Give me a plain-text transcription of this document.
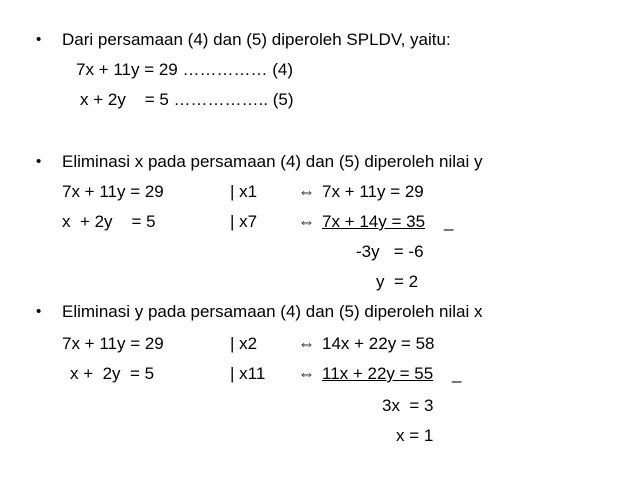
• Dari persamaan (4) dan (5) diperoleh SPLDV, yaitu:
7x + 11y = 29 …………… (4)
x + 2y    = 5 …………….. (5)
• Eliminasi x pada persamaan (4) dan (5) diperoleh nilai y
7x + 11y = 29	| x1 ⇔ 7x + 11y = 29
x  + 2y    = 5	| x7 ⇔ 7x + 14y = 35 _
-3y   = -6
y  = 2
• Eliminasi y pada persamaan (4) dan (5) diperoleh nilai x
7x + 11y = 29	| x2 ⇔ 14x + 22y = 58
x +  2y  = 5	| x11 ⇔ 11x + 22y = 55 _
3x  = 3
x = 1
